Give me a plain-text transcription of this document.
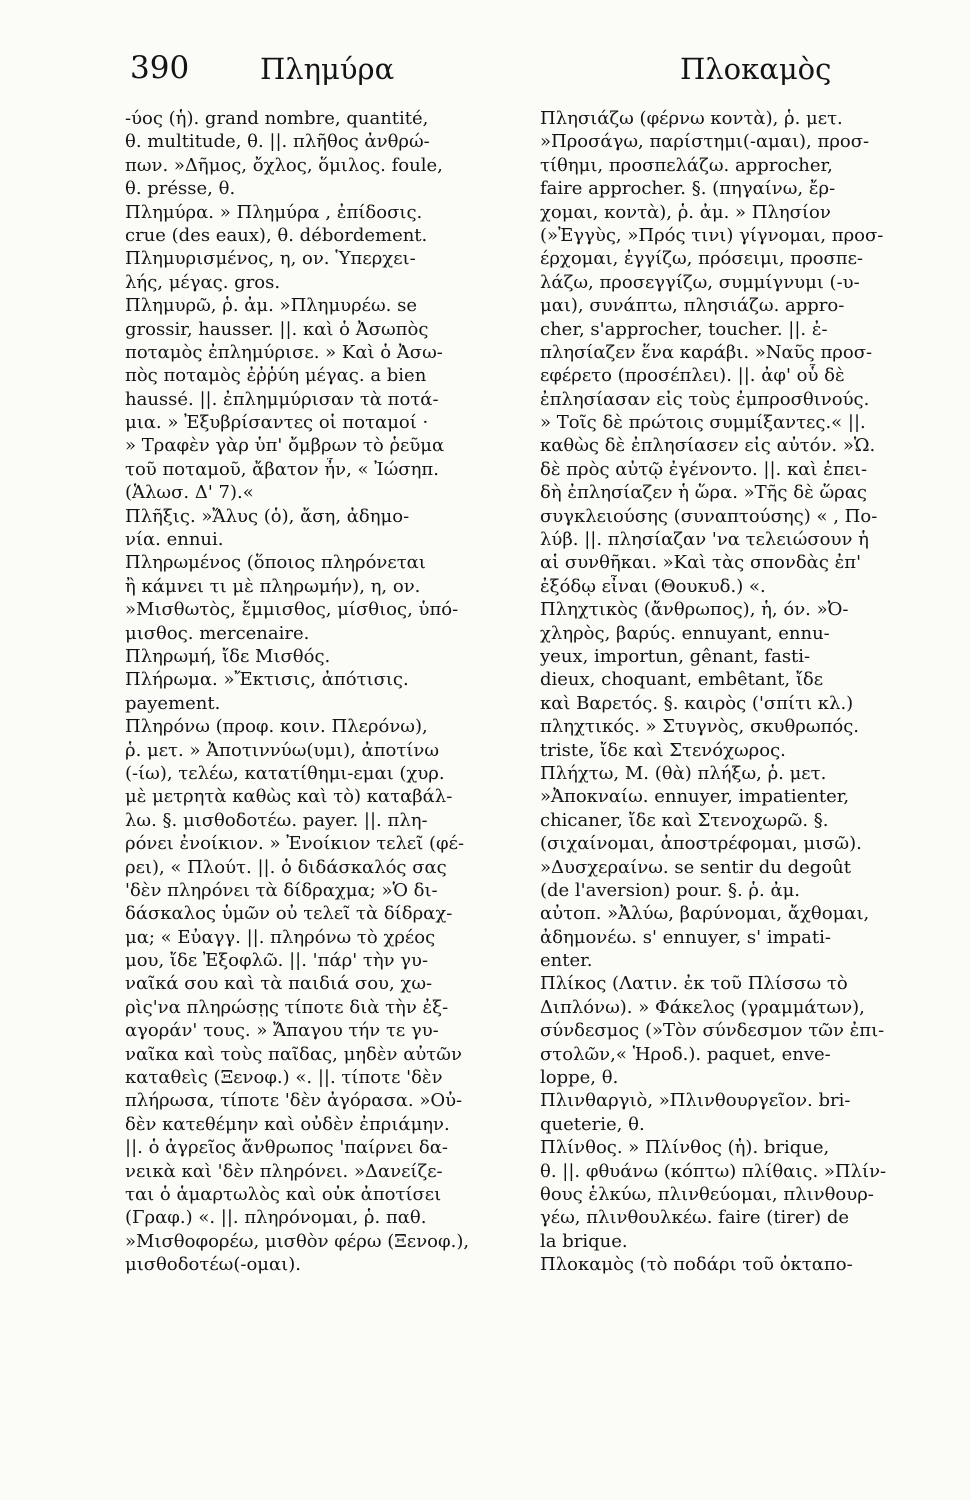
390 Πλημύρα	Πλοκαμὸς
-ύος (ἡ). grand nombre, quantité,
θ. multitude, θ. ||. πλῆθος ἀνθρώ-
πων. »Δῆμος, ὄχλος, ὅμιλος. foule,
θ. présse, θ.
Πλημύρα. » Πλημύρα , ἐπίδοσις.
crue (des eaux), θ. débordement.
Πλημυρισμένος, η, ον. Ὑπερχει-
λής, μέγας. gros.
Πλημυρῶ, ῥ. ἀμ. »Πλημυρέω. se
grossir, hausser. ||. καὶ ὁ Ἀσωπὸς
ποταμὸς ἐπλημύρισε. » Καὶ ὁ Ἀσω-
πὸς ποταμὸς ἐῤῥύη μέγας. a bien
haussé. ||. ἐπλημμύρισαν τὰ ποτά-
μια. » Ἐξυβρίσαντες οἱ ποταμοί ·
» Τραφὲν γὰρ ὑπ' ὄμβρων τὸ ῥεῦμα
τοῦ ποταμοῦ, ἄβατον ἦν, « Ἰώσηπ.
(Ἁλωσ. Δ' 7).«
Πλῆξις. »Ἄλυς (ὁ), ἄση, ἀδημο-
νία. ennui.
Πληρωμένος (ὅποιος πληρόνεται
ἢ κάμνει τι μὲ πληρωμήν), η, ον.
»Μισθωτὸς, ἔμμισθος, μίσθιος, ὑπό-
μισθος. mercenaire.
Πληρωμή, ἴδε Μισθός.
Πλήρωμα. »Ἔκτισις, ἀπότισις.
payement.
Πληρόνω (προφ. κοιν. Πλερόνω),
ῥ. μετ. » Ἀποτιννύω(υμι), ἀποτίνω
(-ίω), τελέω, κατατίθημι-εμαι (χυρ.
μὲ μετρητὰ καθὼς καὶ τὸ) καταβάλ-
λω. §. μισθοδοτέω. payer. ||. πλη-
ρόνει ἐνοίκιον. » Ἐνοίκιον τελεῖ (φέ-
ρει), « Πλούτ. ||. ὁ διδάσκαλός σας
'δὲν πληρόνει τὰ δίδραχμα; »Ὁ δι-
δάσκαλος ὑμῶν οὐ τελεῖ τὰ δίδραχ-
μα; « Εὐαγγ. ||. πληρόνω τὸ χρέος
μου, ἴδε Ἐξοφλῶ. ||. 'πάρ' τὴν γυ-
ναῖκά σου καὶ τὰ παιδιά σου, χω-
ρὶς'να πληρώσῃς τίποτε διὰ τὴν ἐξ-
αγοράν' τους. » Ἄπαγου τήν τε γυ-
ναῖκα καὶ τοὺς παῖδας, μηδὲν αὐτῶν
καταθεὶς (Ξενοφ.) «. ||. τίποτε 'δὲν
πλήρωσα, τίποτε 'δὲν ἀγόρασα. »Οὐ-
δὲν κατεθέμην καὶ οὐδὲν ἐπριάμην.
||. ὁ ἀγρεῖος ἄνθρωπος 'παίρνει δα-
νεικὰ καὶ 'δὲν πληρόνει. »Δανείζε-
ται ὁ ἁμαρτωλὸς καὶ οὐκ ἀποτίσει
(Γραφ.) «. ||. πληρόνομαι, ῥ. παθ.
»Μισθοφορέω, μισθὸν φέρω (Ξενοφ.),
μισθοδοτέω(-ομαι).
Πλησιάζω (φέρνω κοντὰ), ῥ. μετ.
»Προσάγω, παρίστημι(-αμαι), προσ-
τίθημι, προσπελάζω. approcher,
faire approcher. §. (πηγαίνω, ἔρ-
χομαι, κοντὰ), ῥ. ἀμ. » Πλησίον
(»Ἐγγὺς, »Πρός τινι) γίγνομαι, προσ-
έρχομαι, ἐγγίζω, πρόσειμι, προσπε-
λάζω, προσεγγίζω, συμμίγνυμι (-υ-
μαι), συνάπτω, πλησιάζω. appro-
cher, s'approcher, toucher. ||. ἐ-
πλησίαζεν ἕνα καράβι. »Ναῦς προσ-
εφέρετο (προσέπλει). ||. ἀφ' οὗ δὲ
ἐπλησίασαν εἰς τοὺς ἐμπροσθινούς.
» Τοῖς δὲ πρώτοις συμμίξαντες.« ||.
καθὼς δὲ ἐπλησίασεν εἰς αὐτόν. »Ὡ.
δὲ πρὸς αὐτῷ ἐγένοντο. ||. καὶ ἐπει-
δὴ ἐπλησίαζεν ἡ ὥρα. »Τῆς δὲ ὥρας
συγκλειούσης (συναπτούσης) « , Πο-
λύβ. ||. πλησίαζαν 'να τελειώσουν ἡ
αἱ συνθῆκαι. »Καὶ τὰς σπονδὰς ἐπ'
ἐξόδῳ εἶναι (Θουκυδ.) «.
Πληχτικὸς (ἄνθρωπος), ἡ, όν. »Ὀ-
χληρὸς, βαρύς. ennuyant, ennu-
yeux, importun, gênant, fasti-
dieux, choquant, embêtant, ἴδε
καὶ Βαρετός. §. καιρὸς ('σπίτι κλ.)
πληχτικός. » Στυγνὸς, σκυθρωπός.
triste, ἴδε καὶ Στενόχωρος.
Πλήχτω, Μ. (θὰ) πλήξω, ῥ. μετ.
»Ἀποκναίω. ennuyer, impatienter,
chicaner, ἴδε καὶ Στενοχωρῶ. §.
(σιχαίνομαι, ἀποστρέφομαι, μισῶ).
»Δυσχεραίνω. se sentir du degoût
(de l'aversion) pour. §. ῥ. ἀμ.
αὐτοπ. »Ἀλύω, βαρύνομαι, ἄχθομαι,
ἀδημονέω. s' ennuyer, s' impati-
enter.
Πλίκος (Λατιν. ἐκ τοῦ Πλίσσω τὸ
Διπλόνω). » Φάκελος (γραμμάτων),
σύνδεσμος (»Τὸν σύνδεσμον τῶν ἐπι-
στολῶν,« Ἡροδ.). paquet, enve-
loppe, θ.
Πλινθαργιὸ, »Πλινθουργεῖον. bri-
queterie, θ.
Πλίνθος. » Πλίνθος (ἡ). brique,
θ. ||. φθυάνω (κόπτω) πλίθαις. »Πλίν-
θους ἑλκύω, πλινθεύομαι, πλινθουρ-
γέω, πλινθουλκέω. faire (tirer) de
la brique.
Πλοκαμὸς (τὸ ποδάρι τοῦ ὀκταπο-
